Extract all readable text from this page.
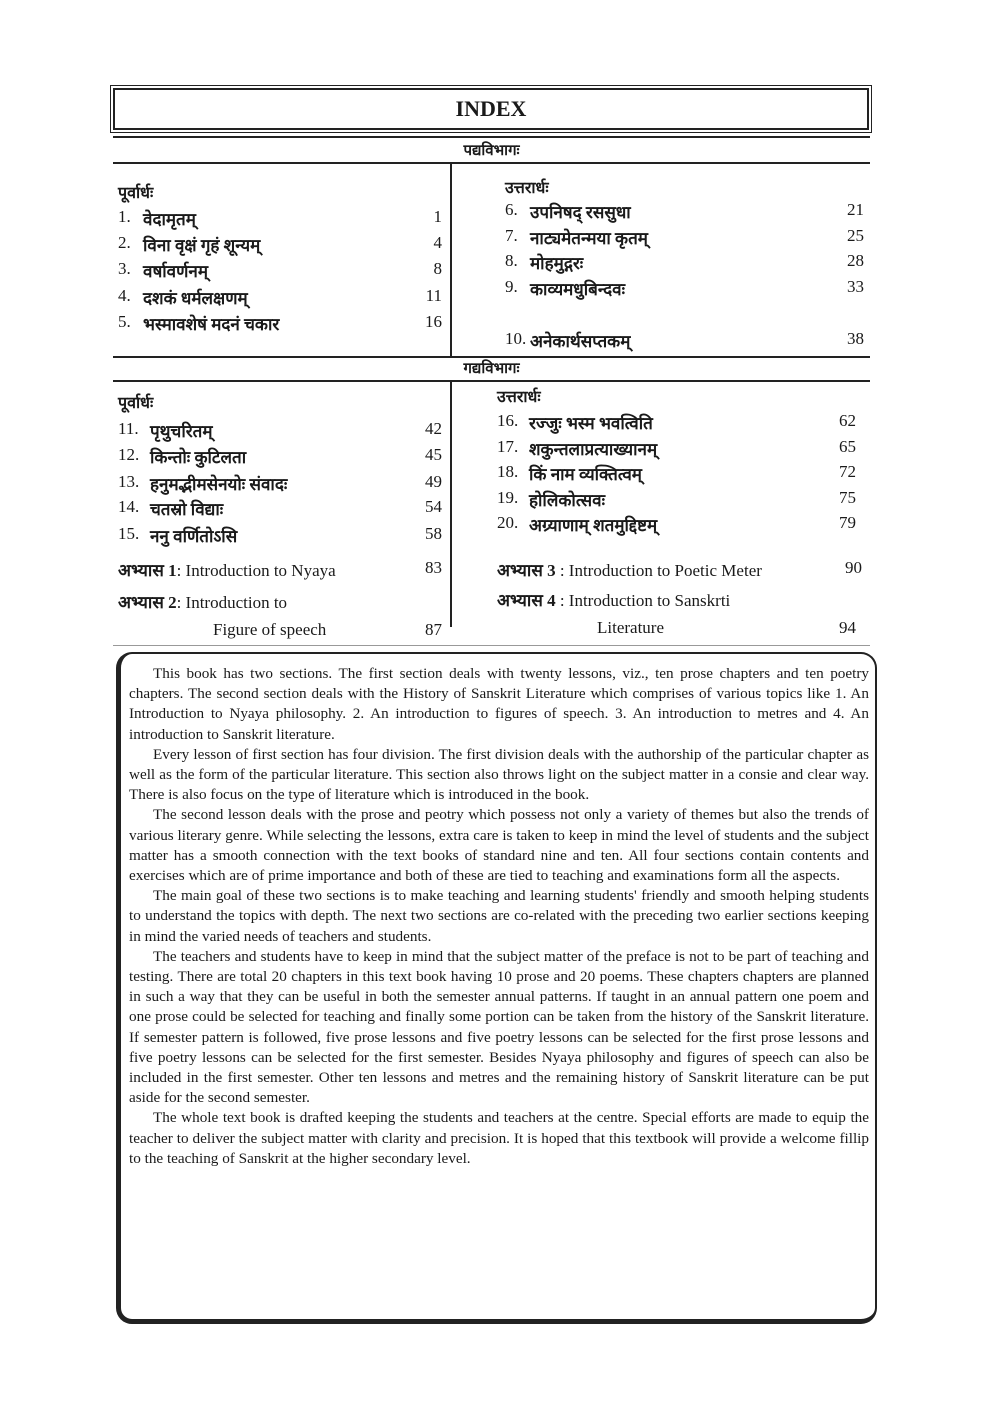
INDEX
पद्यविभागः
गद्यविभागः
पूर्वार्धः
1. वेदामृतम्	1
2. विना वृक्षं गृहं शून्यम्	4
3. वर्षावर्णनम्	8
4. दशकं धर्मलक्षणम्	11
5. भस्मावशेषं मदनं चकार	16
उत्तरार्धः
6. उपनिषद् रससुधा	21
7. नाट्यमेतन्मया कृतम्	25
8. मोहमुद्गरः	28
9. काव्यमधुबिन्दवः	33
10. अनेकार्थसप्तकम्	38
पूर्वार्धः
11. पृथुचरितम्	42
12. किन्तोः कुटिलता	45
13. हनुमद्भीमसेनयोः संवादः	49
14. चतस्रो विद्याः	54
15. ननु वर्णितोऽसि	58
उत्तरार्धः
16. रज्जुः भस्म भवत्विति	62
17. शकुन्तलाप्रत्याख्यानम्	65
18. किं नाम व्यक्तित्वम्	72
19. होलिकोत्सवः	75
20. अग्र्याणाम् शतमुद्दिष्टम्	79
अभ्यास 1: Introduction to Nyaya	83
अभ्यास 2: Introduction to
Figure of speech	87
अभ्यास 3 : Introduction to Poetic Meter	90
अभ्यास 4 : Introduction to Sanskrti
Literature	94

This book has two sections. The first section deals with twenty lessons, viz., ten prose chapters and ten poetry chapters. The second section deals with the History of Sanskrit Literature which comprises of various topics like 1. An Introduction to Nyaya philosophy. 2. An introduction to figures of speech. 3. An introduction to metres and 4. An introduction to Sanskrit literature.

Every lesson of first section has four division. The first division deals with the authorship of the particular chapter as well as the form of the particular literature. This section also throws light on the subject matter in a consie and clear way. There is also focus on the type of literature which is introduced in the book.

The second lesson deals with the prose and peotry which possess not only a variety of themes but also the trends of various literary genre. While selecting the lessons, extra care is taken to keep in mind the level of students and the subject matter has a smooth connection with the text books of standard nine and ten. All four sections contain contents and exercises which are of prime importance and both of these are tied to teaching and examinations form all the aspects.

The main goal of these two sections is to make teaching and learning students' friendly and smooth helping students to understand the topics with depth. The next two sections are co-related with the preceding two earlier sections keeping in mind the varied needs of teachers and students.

The teachers and students have to keep in mind that the subject matter of the preface is not to be part of teaching and testing. There are total 20 chapters in this text book having 10 prose and 20 poems. These chapters chapters are planned in such a way that they can be useful in both the semester annual patterns. If taught in an annual pattern one poem and one prose could be selected for teaching and finally some portion can be taken from the history of the Sanskrit literature. If semester pattern is followed, five prose lessons and five poetry lessons can be selected for the first prose lessons and five poetry lessons can be selected for the first semester. Besides Nyaya philosophy and figures of speech can also be included in the first semester. Other ten lessons and metres and the remaining history of Sanskrit literature can be put aside for the second semester.

The whole text book is drafted keeping the students and teachers at the centre. Special efforts are made to equip the teacher to deliver the subject matter with clarity and precision. It is hoped that this textbook will provide a welcome fillip to the teaching of Sanskrit at the higher secondary level.
